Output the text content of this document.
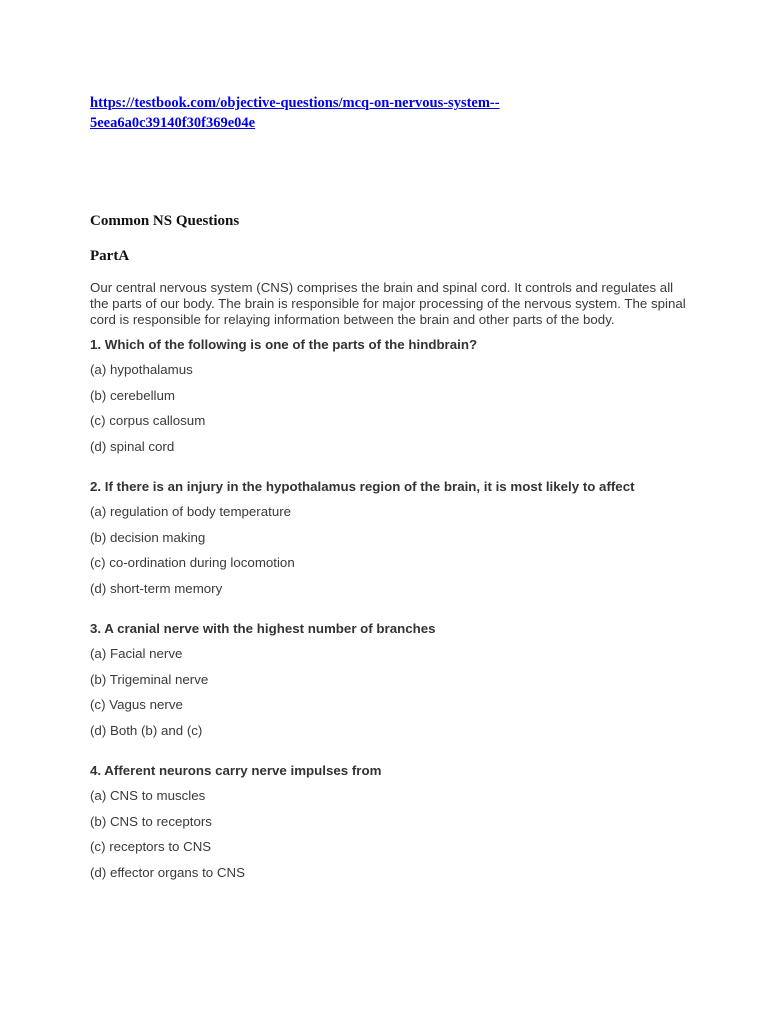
https://testbook.com/objective-questions/mcq-on-nervous-system--
5eea6a0c39140f30f369e04e
Common NS Questions
PartA

Our central nervous system (CNS) comprises the brain and spinal cord. It controls and regulates all the parts of our body. The brain is responsible for major processing of the nervous system. The spinal cord is responsible for relaying information between the brain and other parts of the body.

1. Which of the following is one of the parts of the hindbrain?
(a) hypothalamus
(b) cerebellum
(c) corpus callosum
(d) spinal cord
2. If there is an injury in the hypothalamus region of the brain, it is most likely to affect
(a) regulation of body temperature
(b) decision making
(c) co-ordination during locomotion
(d) short-term memory
3. A cranial nerve with the highest number of branches
(a) Facial nerve
(b) Trigeminal nerve
(c) Vagus nerve
(d) Both (b) and (c)
4. Afferent neurons carry nerve impulses from
(a) CNS to muscles
(b) CNS to receptors
(c) receptors to CNS
(d) effector organs to CNS
